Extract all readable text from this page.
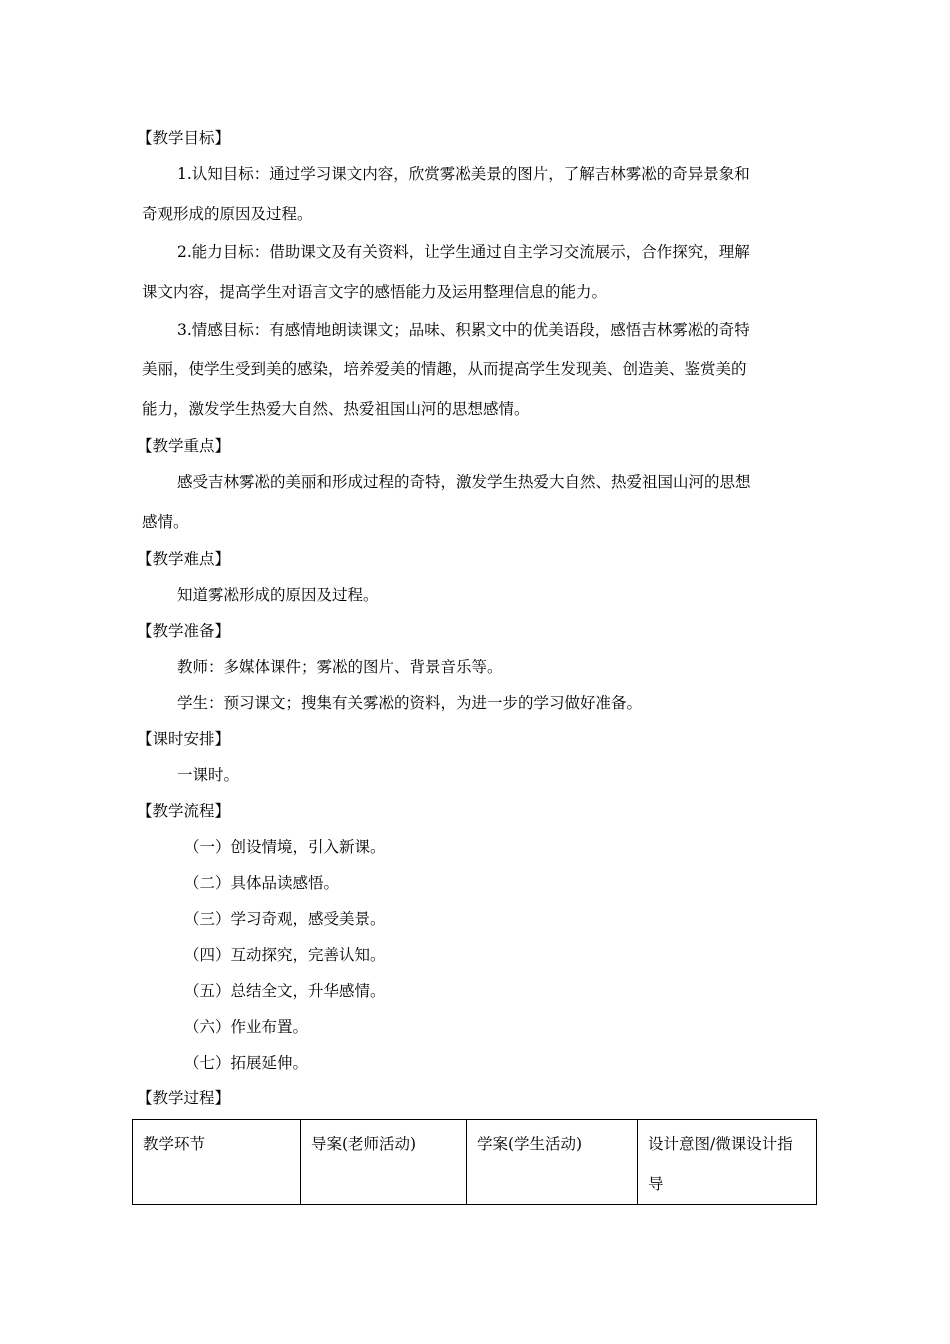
【教学目标】
1.认知目标：通过学习课文内容，欣赏雾凇美景的图片，了解吉林雾凇的奇异景象和
奇观形成的原因及过程。
2.能力目标：借助课文及有关资料，让学生通过自主学习交流展示，合作探究，理解
课文内容，提高学生对语言文字的感悟能力及运用整理信息的能力。
3.情感目标：有感情地朗读课文；品味、积累文中的优美语段，感悟吉林雾凇的奇特
美丽，使学生受到美的感染，培养爱美的情趣，从而提高学生发现美、创造美、鉴赏美的
能力，激发学生热爱大自然、热爱祖国山河的思想感情。
【教学重点】
感受吉林雾凇的美丽和形成过程的奇特，激发学生热爱大自然、热爱祖国山河的思想
感情。
【教学难点】
知道雾凇形成的原因及过程。
【教学准备】
教师：多媒体课件；雾凇的图片、背景音乐等。
学生：预习课文；搜集有关雾凇的资料，为进一步的学习做好准备。
【课时安排】
一课时。
【教学流程】
（一）创设情境，引入新课。
（二）具体品读感悟。
（三）学习奇观，感受美景。
（四）互动探究，完善认知。
（五）总结全文，升华感情。
（六）作业布置。
（七）拓展延伸。
【教学过程】
教学环节	导案(老师活动)	学案(学生活动)	设计意图/微课设计指导
